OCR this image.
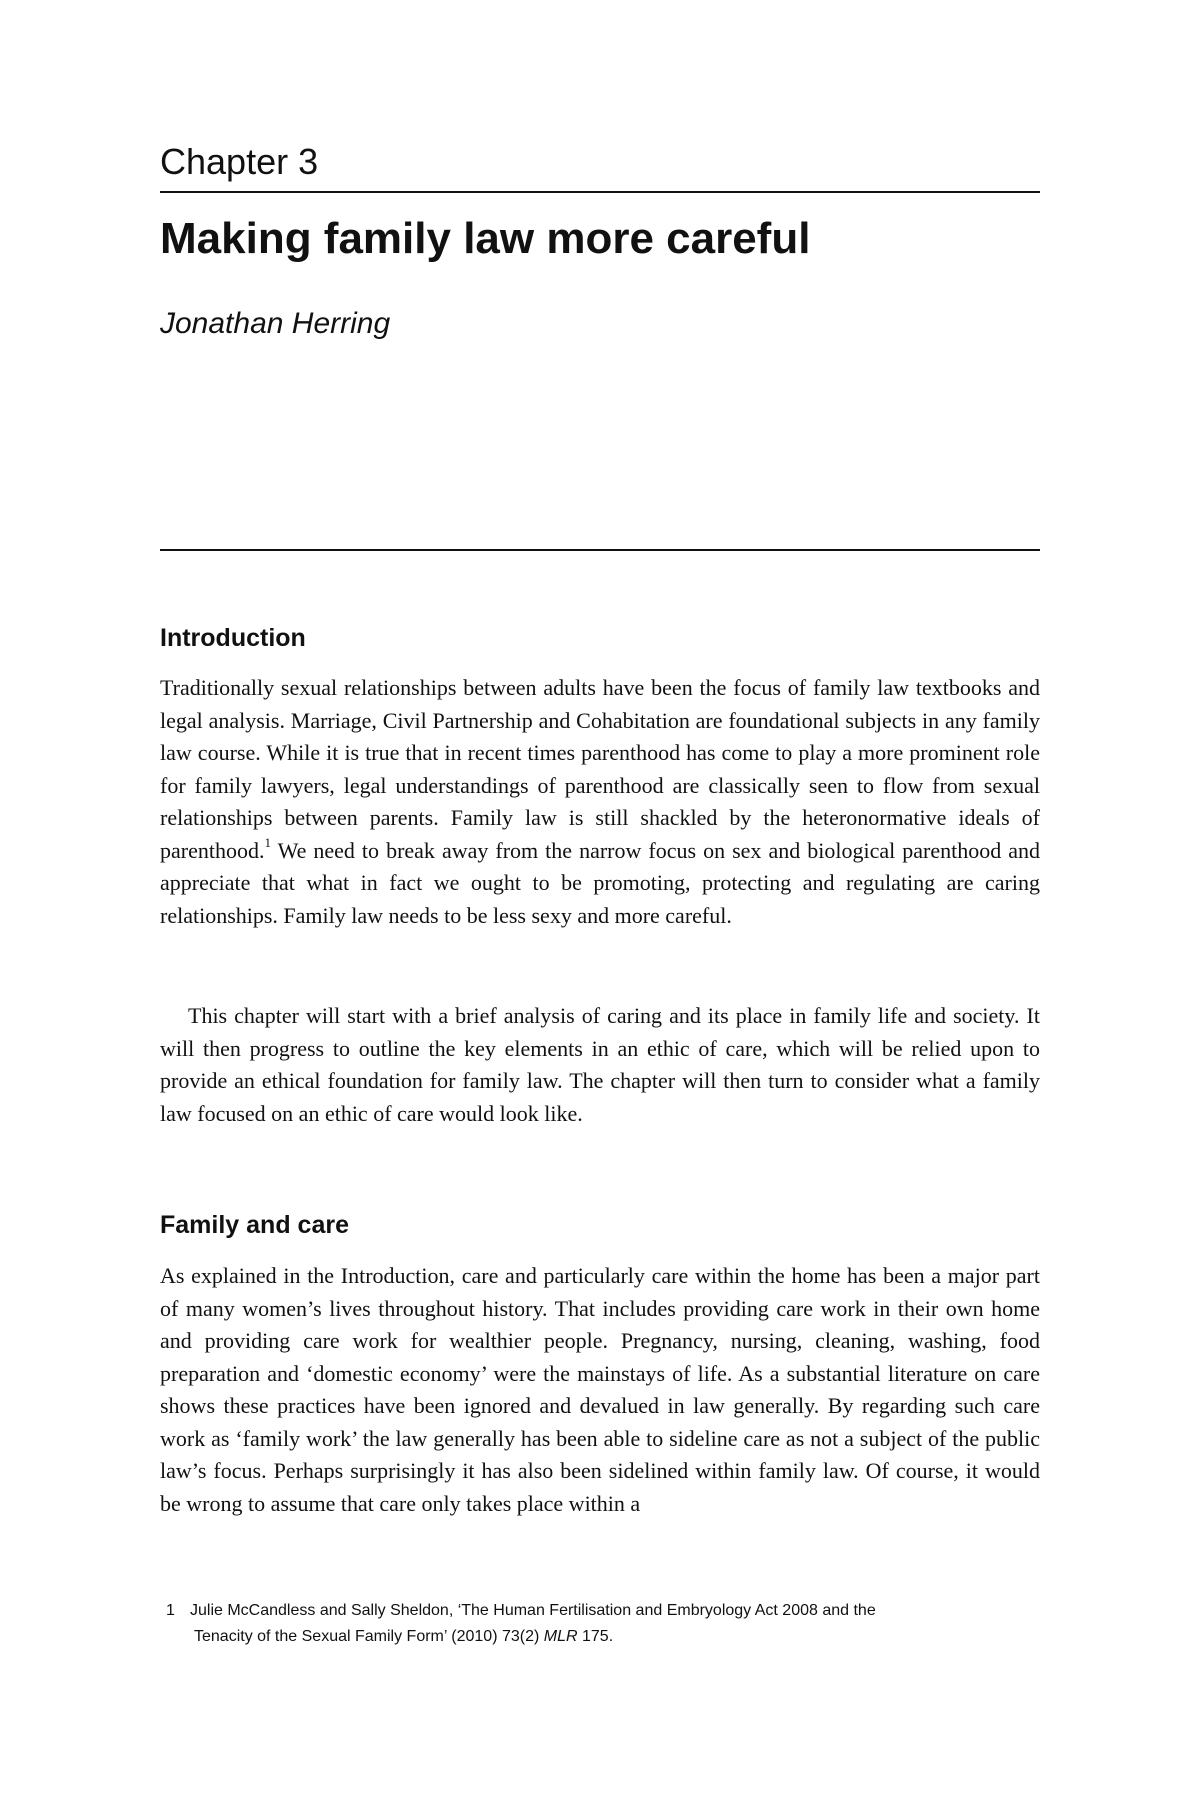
Chapter 3
Making family law more careful

Jonathan Herring

Introduction

Traditionally sexual relationships between adults have been the focus of family law textbooks and legal analysis. Marriage, Civil Partnership and Cohabitation are foundational subjects in any family law course. While it is true that in recent times parenthood has come to play a more prominent role for family lawyers, legal understandings of parenthood are classically seen to flow from sexual relationships between parents. Family law is still shackled by the heteronormative ideals of parenthood.$^1$ We need to break away from the narrow focus on sex and biological parenthood and appreciate that what in fact we ought to be promoting, protecting and regulating are caring relationships. Family law needs to be less sexy and more careful.

This chapter will start with a brief analysis of caring and its place in family life and society. It will then progress to outline the key elements in an ethic of care, which will be relied upon to provide an ethical foundation for family law. The chapter will then turn to consider what a family law focused on an ethic of care would look like.

Family and care

As explained in the Introduction, care and particularly care within the home has been a major part of many women’s lives throughout history. That includes providing care work in their own home and providing care work for wealthier people. Pregnancy, nursing, cleaning, washing, food preparation and ‘domestic economy’ were the mainstays of life. As a substantial literature on care shows these practices have been ignored and devalued in law generally. By regarding such care work as ‘family work’ the law generally has been able to sideline care as not a subject of the public law’s focus. Perhaps surprisingly it has also been sidelined within family law. Of course, it would be wrong to assume that care only takes place within a

1 Julie McCandless and Sally Sheldon, ‘The Human Fertilisation and Embryology Act 2008 and the
Tenacity of the Sexual Family Form’ (2010) 73(2) MLR 175.
